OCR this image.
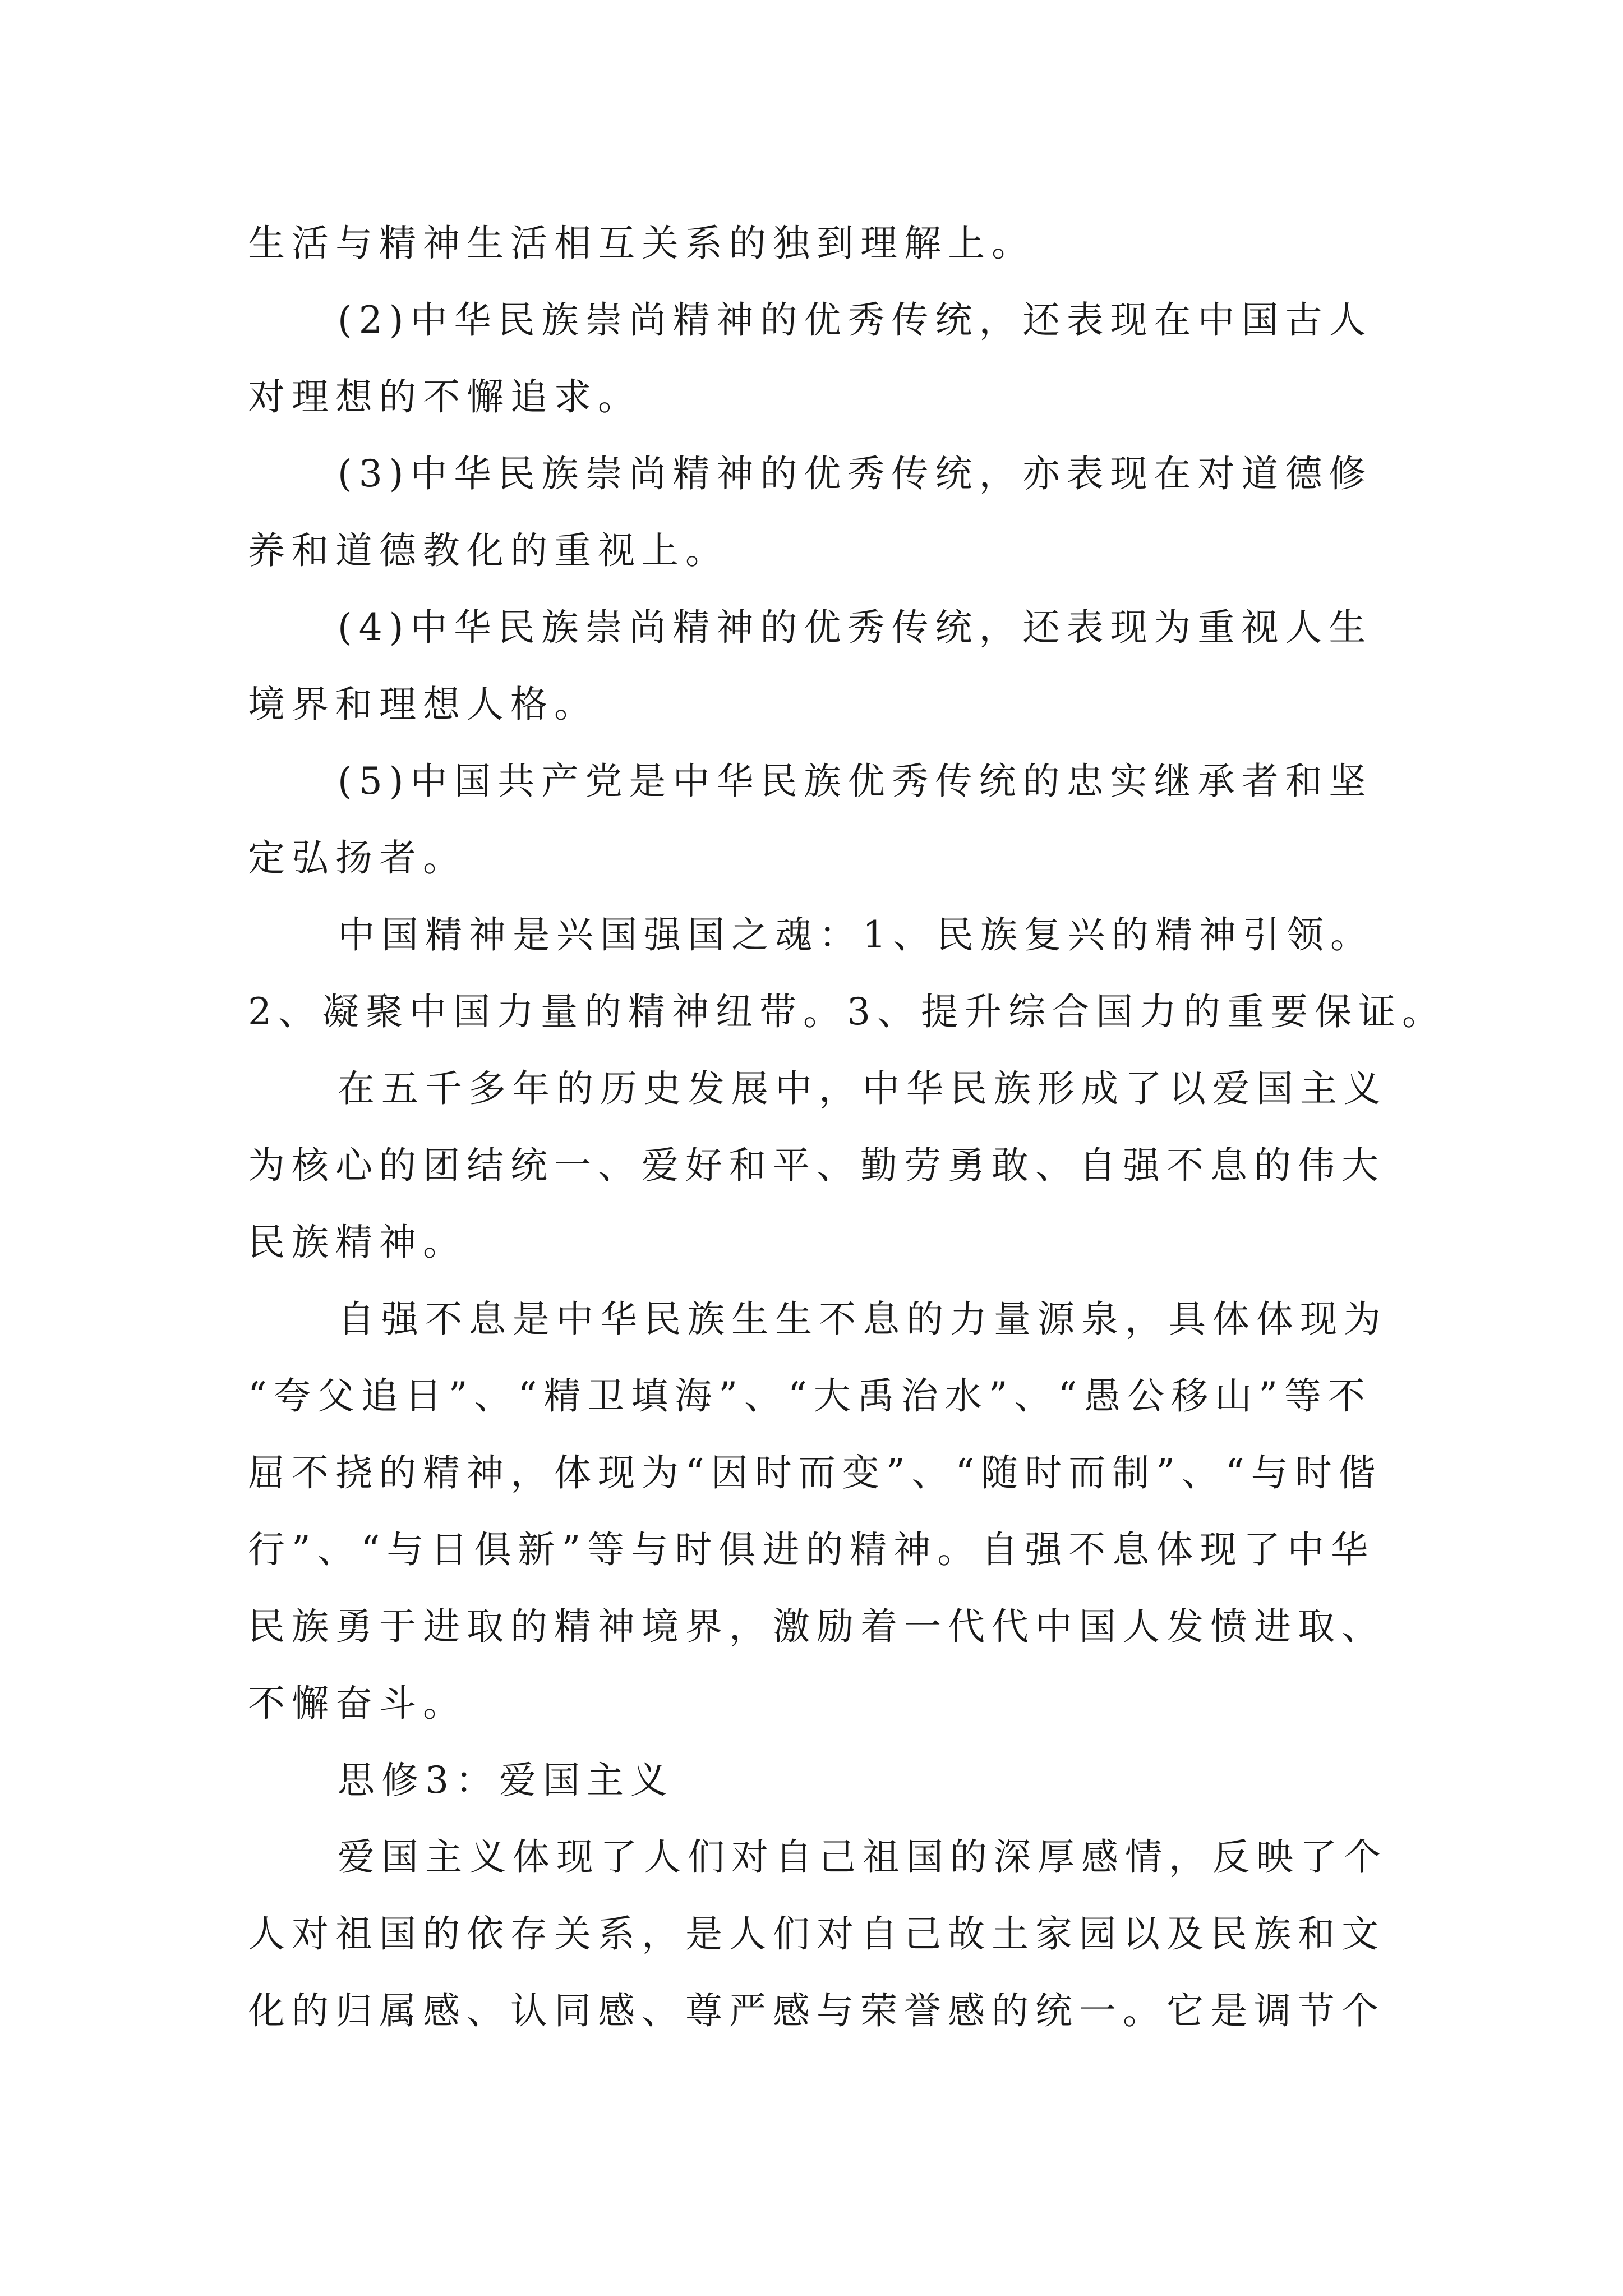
生活与精神生活相互关系的独到理解上。
(2)中华民族崇尚精神的优秀传统，还表现在中国古人
对理想的不懈追求。
(3)中华民族崇尚精神的优秀传统，亦表现在对道德修
养和道德教化的重视上。
(4)中华民族崇尚精神的优秀传统，还表现为重视人生
境界和理想人格。
(5)中国共产党是中华民族优秀传统的忠实继承者和坚
定弘扬者。
中国精神是兴国强国之魂：1、民族复兴的精神引领。
2、凝聚中国力量的精神纽带。3、提升综合国力的重要保证。
在五千多年的历史发展中，中华民族形成了以爱国主义
为核心的团结统一、爱好和平、勤劳勇敢、自强不息的伟大
民族精神。
自强不息是中华民族生生不息的力量源泉，具体体现为
“夸父追日”、“精卫填海”、“大禹治水”、“愚公移山”等不
屈不挠的精神，体现为“因时而变”、“随时而制”、“与时偕
行”、“与日俱新”等与时俱进的精神。自强不息体现了中华
民族勇于进取的精神境界，激励着一代代中国人发愤进取、
不懈奋斗。
思修3：爱国主义
爱国主义体现了人们对自己祖国的深厚感情，反映了个
人对祖国的依存关系，是人们对自己故土家园以及民族和文
化的归属感、认同感、尊严感与荣誉感的统一。它是调节个
